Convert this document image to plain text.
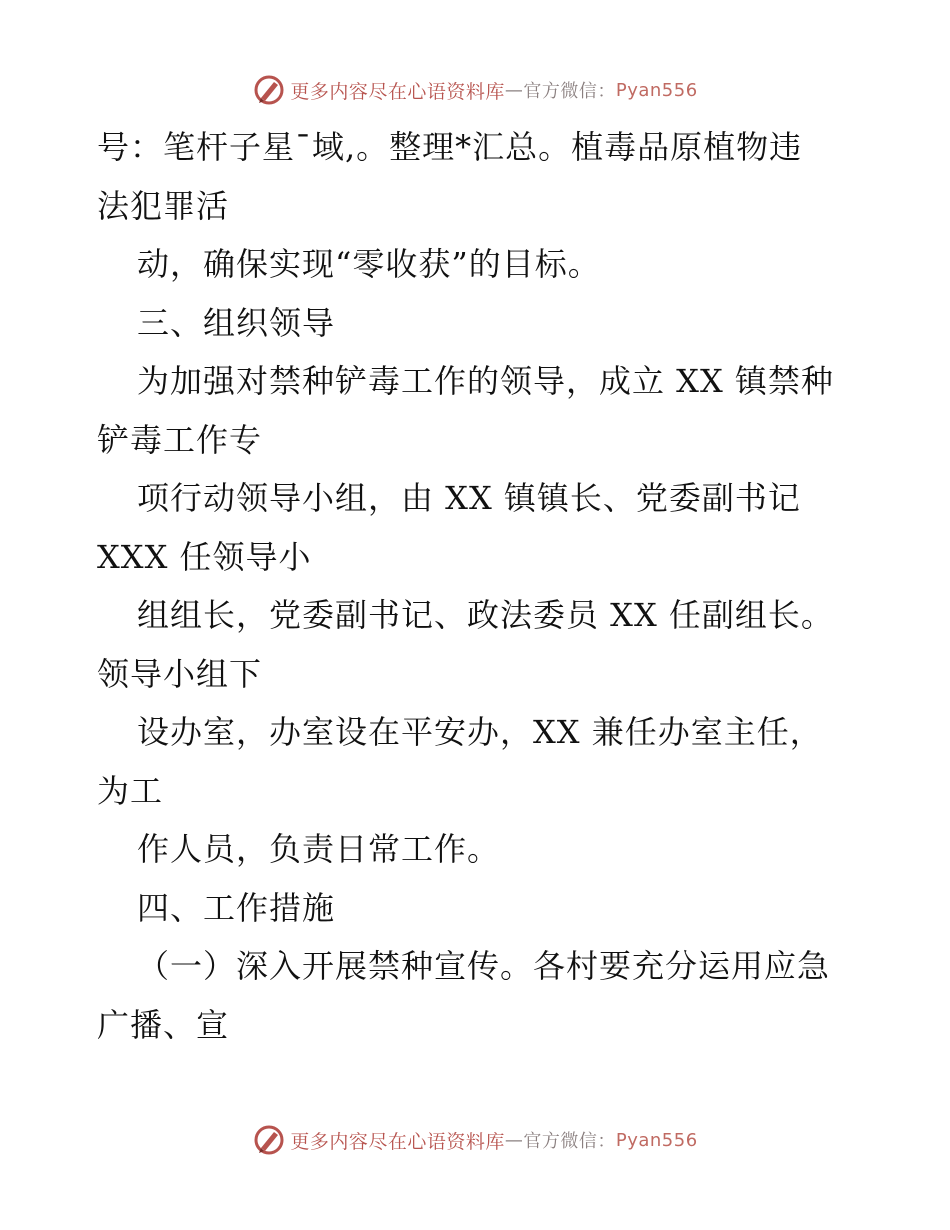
更多内容尽在心语资料库 — 官方微信： Pyan556
号：笔杆子星¯域,。整理*汇总。植毒品原植物违
法犯罪活
动，确保实现“零收获”的目标。
三、组织领导
为加强对禁种铲毒工作的领导，成立 XX 镇禁种
铲毒工作专
项行动领导小组，由 XX 镇镇长、党委副书记
XXX 任领导小
组组长，党委副书记、政法委员 XX 任副组长。
领导小组下
设办室，办室设在平安办，XX 兼任办室主任，
为工
作人员，负责日常工作。
四、工作措施
（一）深入开展禁种宣传。各村要充分运用应急
广播、宣
更多内容尽在心语资料库 — 官方微信： Pyan556
